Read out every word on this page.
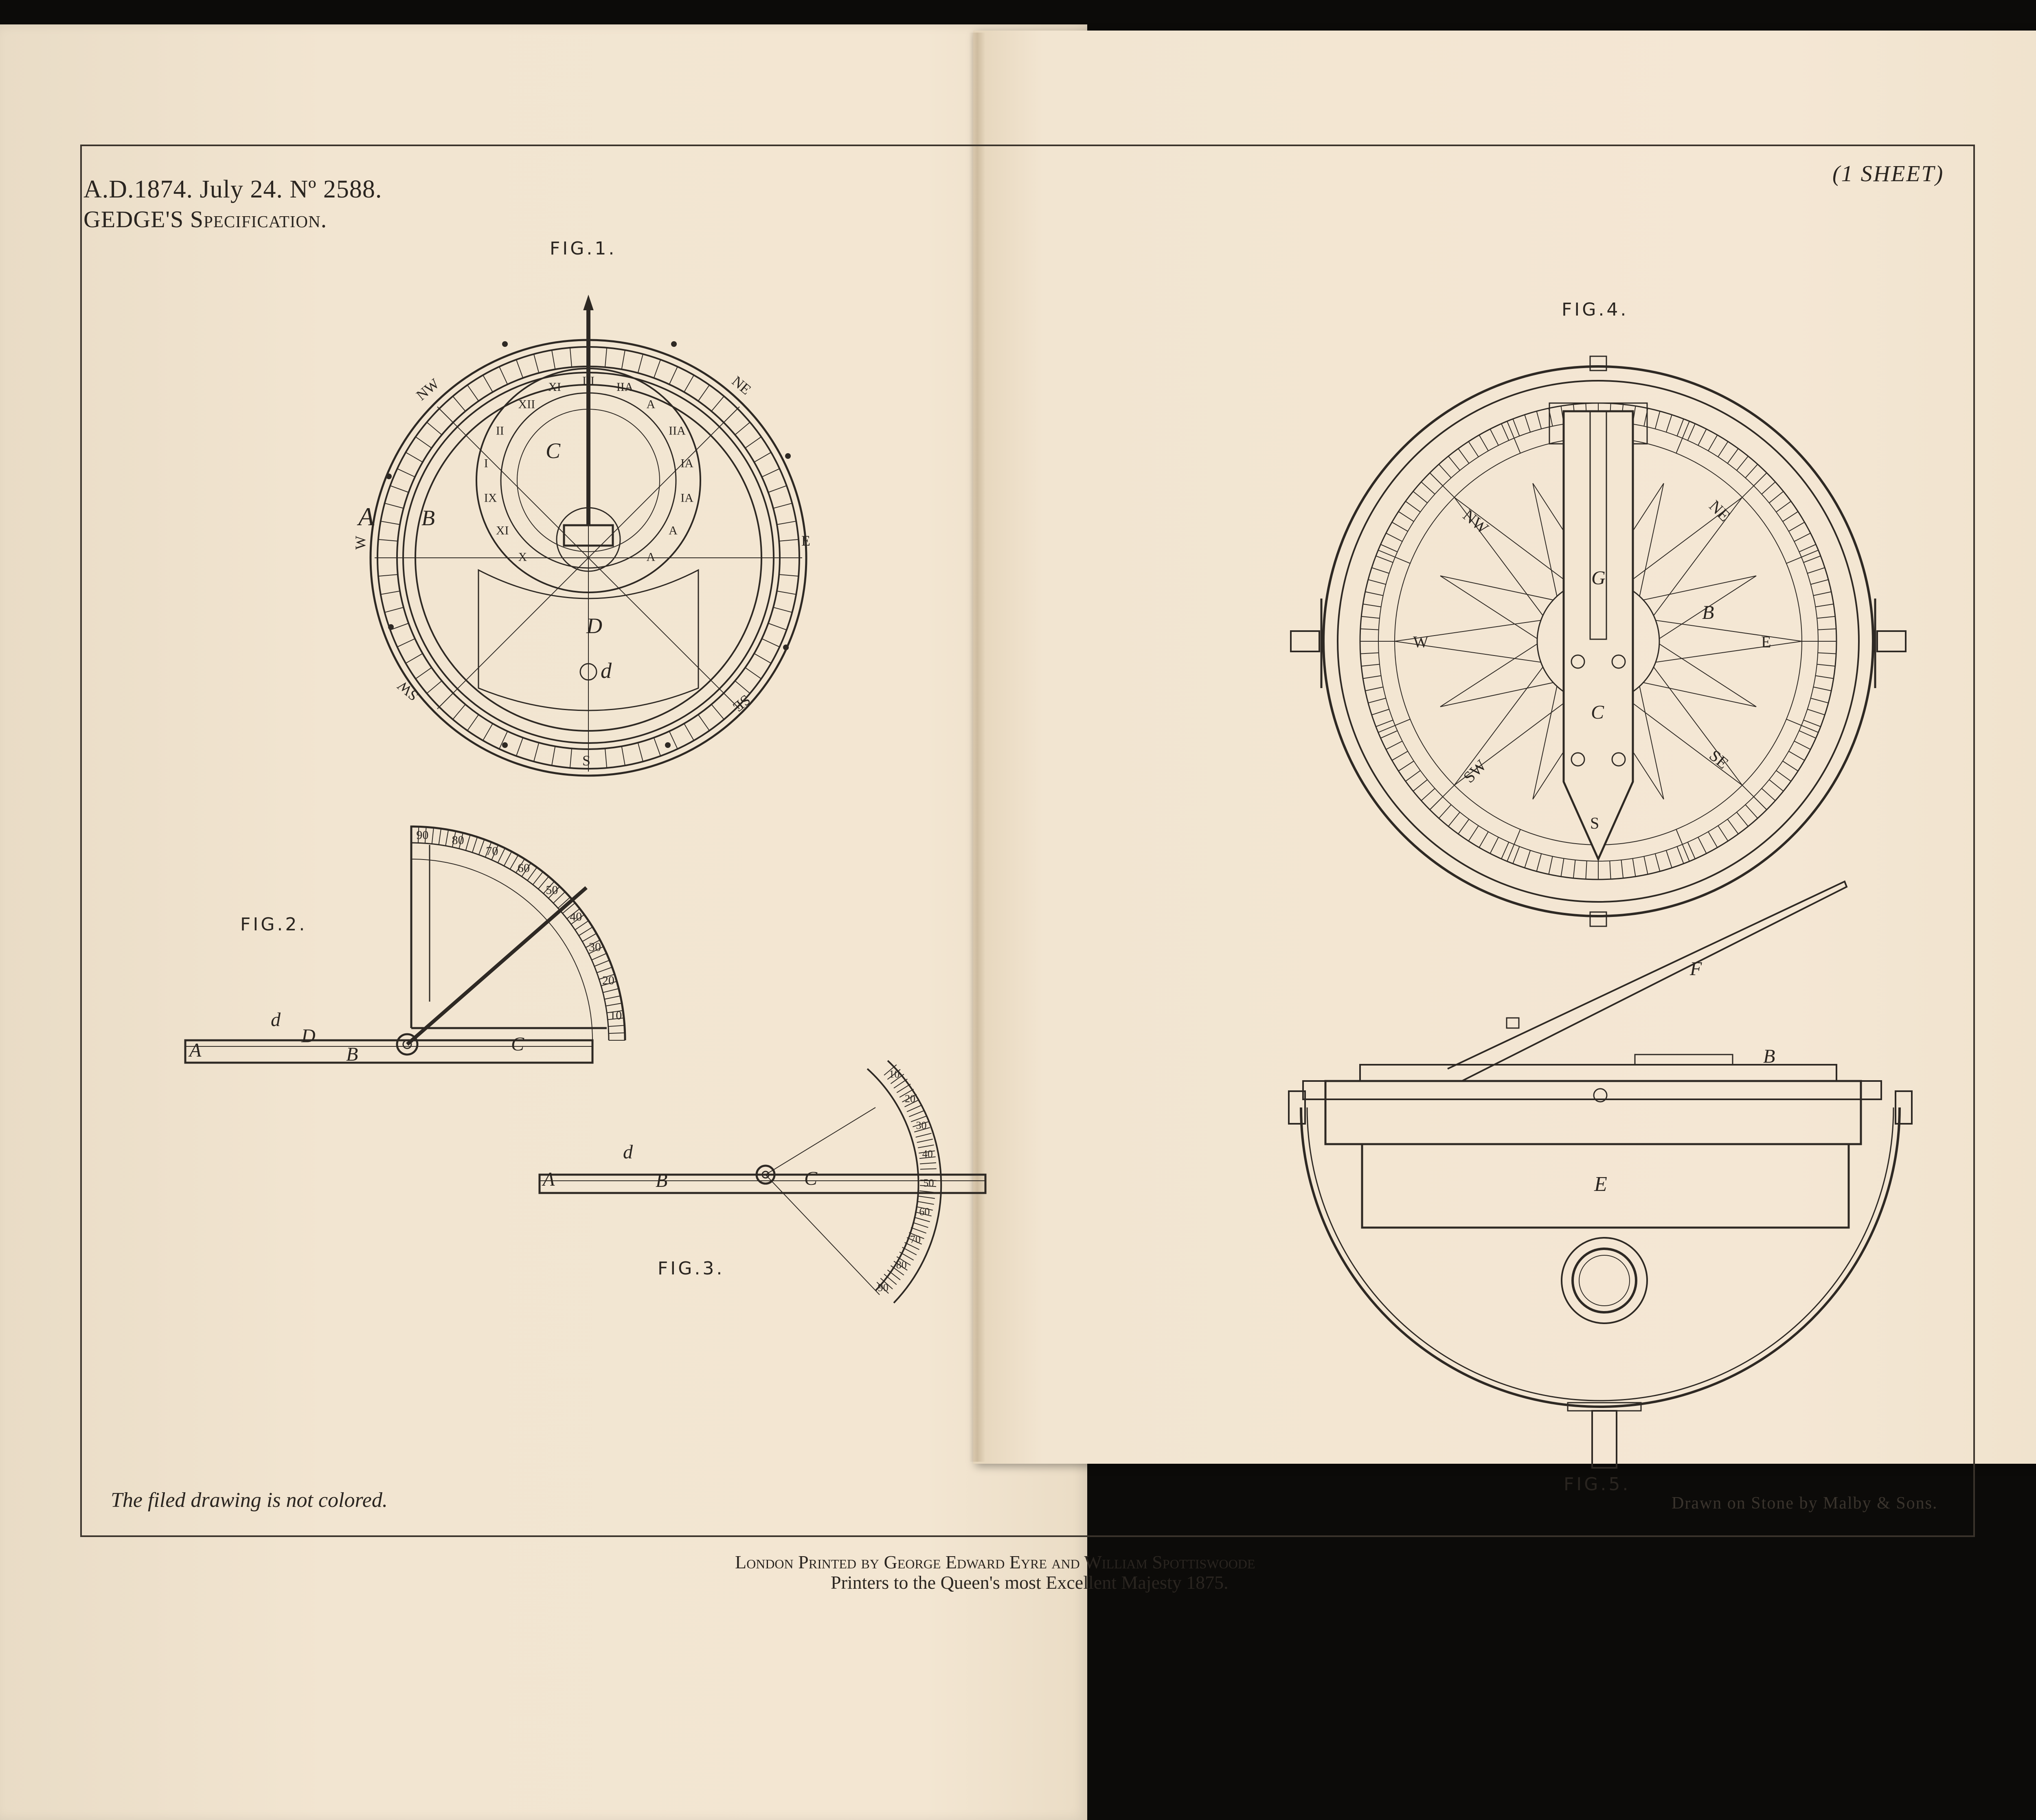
A.D.1874. July 24. Nº 2588.
GEDGE'S Specification.
(1 SHEET)
FIG.1.
FIG.2.
FIG.3.
FIG.4.
FIG.5.
The filed drawing is not colored.	Drawn on Stone by Malby & Sons.
London Printed by George Edward Eyre and William Spottiswoode
Printers to the Queen's most Excellent Majesty 1875.
A B
C
D
d
NW	NE
W	E
SW	SE
S
X
XI
IX
I
II
XII
XI III IIA
A
IIA
IA
IA
A
A
90 80
70
60
50
40
30
20
10
A
D
d
B	C
10
20
30
40
50
60
70
80
90
A
d
B	C
G
C
B
W	E
S
NW	NE
SW	SE
F
B
E
